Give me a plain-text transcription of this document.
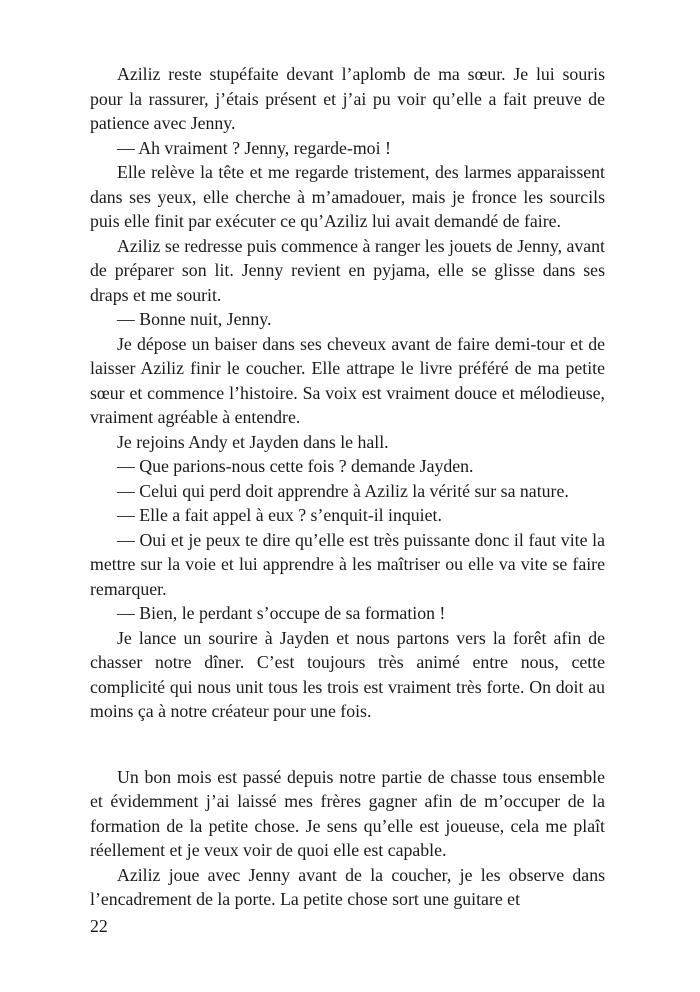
Aziliz reste stupéfaite devant l’aplomb de ma sœur. Je lui souris pour la rassurer, j’étais présent et j’ai pu voir qu’elle a fait preuve de patience avec Jenny.

— Ah vraiment ? Jenny, regarde-moi !

Elle relève la tête et me regarde tristement, des larmes apparaissent dans ses yeux, elle cherche à m’amadouer, mais je fronce les sourcils puis elle finit par exécuter ce qu’Aziliz lui avait demandé de faire.

Aziliz se redresse puis commence à ranger les jouets de Jenny, avant de préparer son lit. Jenny revient en pyjama, elle se glisse dans ses draps et me sourit.

— Bonne nuit, Jenny.

Je dépose un baiser dans ses cheveux avant de faire demi-tour et de laisser Aziliz finir le coucher. Elle attrape le livre préféré de ma petite sœur et commence l’histoire. Sa voix est vraiment douce et mélodieuse, vraiment agréable à entendre.

Je rejoins Andy et Jayden dans le hall.

— Que parions-nous cette fois ? demande Jayden.

— Celui qui perd doit apprendre à Aziliz la vérité sur sa nature.

— Elle a fait appel à eux ? s’enquit-il inquiet.

— Oui et je peux te dire qu’elle est très puissante donc il faut vite la mettre sur la voie et lui apprendre à les maîtriser ou elle va vite se faire remarquer.

— Bien, le perdant s’occupe de sa formation !

Je lance un sourire à Jayden et nous partons vers la forêt afin de chasser notre dîner. C’est toujours très animé entre nous, cette complicité qui nous unit tous les trois est vraiment très forte. On doit au moins ça à notre créateur pour une fois.

Un bon mois est passé depuis notre partie de chasse tous ensemble et évidemment j’ai laissé mes frères gagner afin de m’occuper de la formation de la petite chose. Je sens qu’elle est joueuse, cela me plaît réellement et je veux voir de quoi elle est capable.

Aziliz joue avec Jenny avant de la coucher, je les observe dans l’encadrement de la porte. La petite chose sort une guitare et

22
